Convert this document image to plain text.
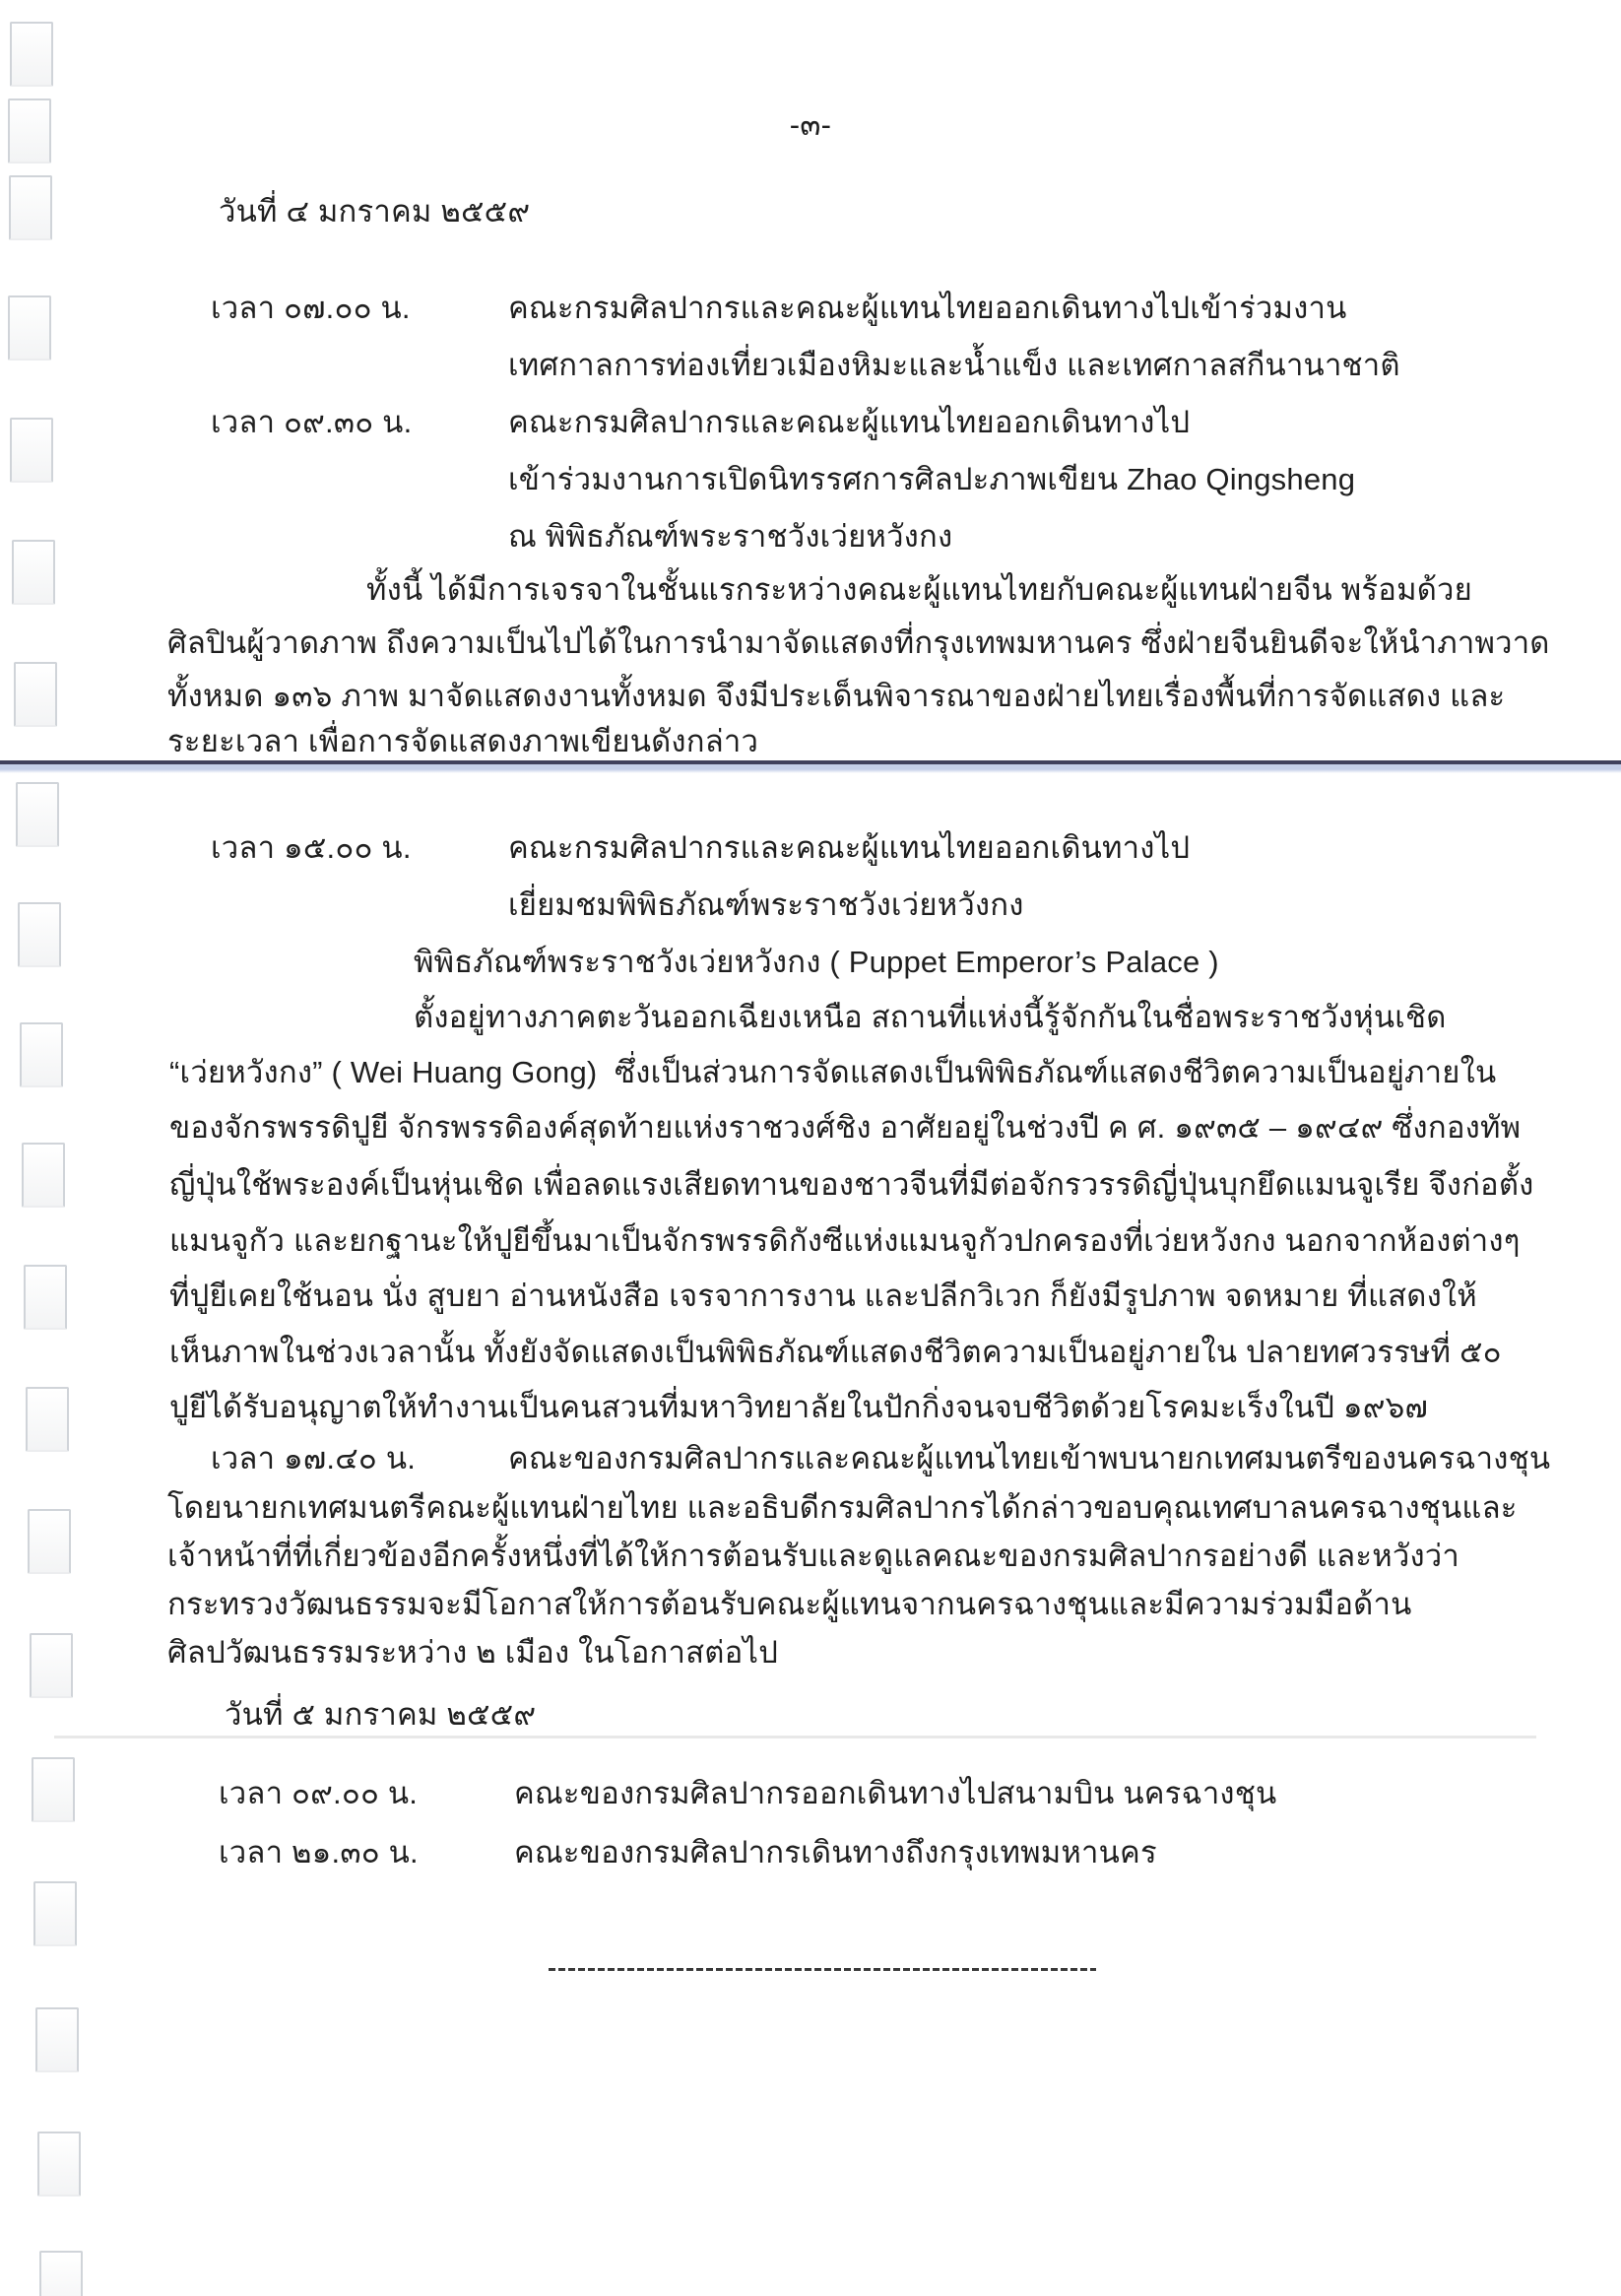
-๓-
วันที่ ๔ มกราคม ๒๕๕๙
เวลา ๐๗.๐๐ น.	คณะกรมศิลปากรและคณะผู้แทนไทยออกเดินทางไปเข้าร่วมงาน
เทศกาลการท่องเที่ยวเมืองหิมะและน้ำแข็ง และเทศกาลสกีนานาชาติ
เวลา ๐๙.๓๐ น.	คณะกรมศิลปากรและคณะผู้แทนไทยออกเดินทางไป
เข้าร่วมงานการเปิดนิทรรศการศิลปะภาพเขียน Zhao Qingsheng
ณ พิพิธภัณฑ์พระราชวังเว่ยหวังกง
ทั้งนี้ ได้มีการเจรจาในชั้นแรกระหว่างคณะผู้แทนไทยกับคณะผู้แทนฝ่ายจีน พร้อมด้วย
ศิลปินผู้วาดภาพ ถึงความเป็นไปได้ในการนำมาจัดแสดงที่กรุงเทพมหานคร ซึ่งฝ่ายจีนยินดีจะให้นำภาพวาด
ทั้งหมด ๑๓๖ ภาพ มาจัดแสดงงานทั้งหมด จึงมีประเด็นพิจารณาของฝ่ายไทยเรื่องพื้นที่การจัดแสดง และ
ระยะเวลา เพื่อการจัดแสดงภาพเขียนดังกล่าว
เวลา ๑๕.๐๐ น.	คณะกรมศิลปากรและคณะผู้แทนไทยออกเดินทางไป
เยี่ยมชมพิพิธภัณฑ์พระราชวังเว่ยหวังกง
พิพิธภัณฑ์พระราชวังเว่ยหวังกง ( Puppet Emperor’s Palace )
ตั้งอยู่ทางภาคตะวันออกเฉียงเหนือ สถานที่แห่งนี้รู้จักกันในชื่อพระราชวังหุ่นเชิด
“เว่ยหวังกง” ( Wei Huang Gong)  ซึ่งเป็นส่วนการจัดแสดงเป็นพิพิธภัณฑ์แสดงชีวิตความเป็นอยู่ภายใน
ของจักรพรรดิปูยี จักรพรรดิองค์สุดท้ายแห่งราชวงศ์ชิง อาศัยอยู่ในช่วงปี ค ศ. ๑๙๓๕ – ๑๙๔๙ ซึ่งกองทัพ
ญี่ปุ่นใช้พระองค์เป็นหุ่นเชิด เพื่อลดแรงเสียดทานของชาวจีนที่มีต่อจักรวรรดิญี่ปุ่นบุกยึดแมนจูเรีย จึงก่อตั้ง
แมนจูกัว และยกฐานะให้ปูยีขึ้นมาเป็นจักรพรรดิกังซีแห่งแมนจูกัวปกครองที่เว่ยหวังกง นอกจากห้องต่างๆ
ที่ปูยีเคยใช้นอน นั่ง สูบยา อ่านหนังสือ เจรจาการงาน และปลีกวิเวก ก็ยังมีรูปภาพ จดหมาย ที่แสดงให้
เห็นภาพในช่วงเวลานั้น ทั้งยังจัดแสดงเป็นพิพิธภัณฑ์แสดงชีวิตความเป็นอยู่ภายใน ปลายทศวรรษที่ ๕๐
ปูยีได้รับอนุญาตให้ทำงานเป็นคนสวนที่มหาวิทยาลัยในปักกิ่งจนจบชีวิตด้วยโรคมะเร็งในปี ๑๙๖๗
เวลา ๑๗.๔๐ น.	คณะของกรมศิลปากรและคณะผู้แทนไทยเข้าพบนายกเทศมนตรีของนครฉางชุน
โดยนายกเทศมนตรีคณะผู้แทนฝ่ายไทย และอธิบดีกรมศิลปากรได้กล่าวขอบคุณเทศบาลนครฉางชุนและ
เจ้าหน้าที่ที่เกี่ยวข้องอีกครั้งหนึ่งที่ได้ให้การต้อนรับและดูแลคณะของกรมศิลปากรอย่างดี และหวังว่า
กระทรวงวัฒนธรรมจะมีโอกาสให้การต้อนรับคณะผู้แทนจากนครฉางชุนและมีความร่วมมือด้าน
ศิลปวัฒนธรรมระหว่าง ๒ เมือง ในโอกาสต่อไป
วันที่ ๕ มกราคม ๒๕๕๙
เวลา ๐๙.๐๐ น.	คณะของกรมศิลปากรออกเดินทางไปสนามบิน นครฉางชุน
เวลา ๒๑.๓๐ น.	คณะของกรมศิลปากรเดินทางถึงกรุงเทพมหานคร
